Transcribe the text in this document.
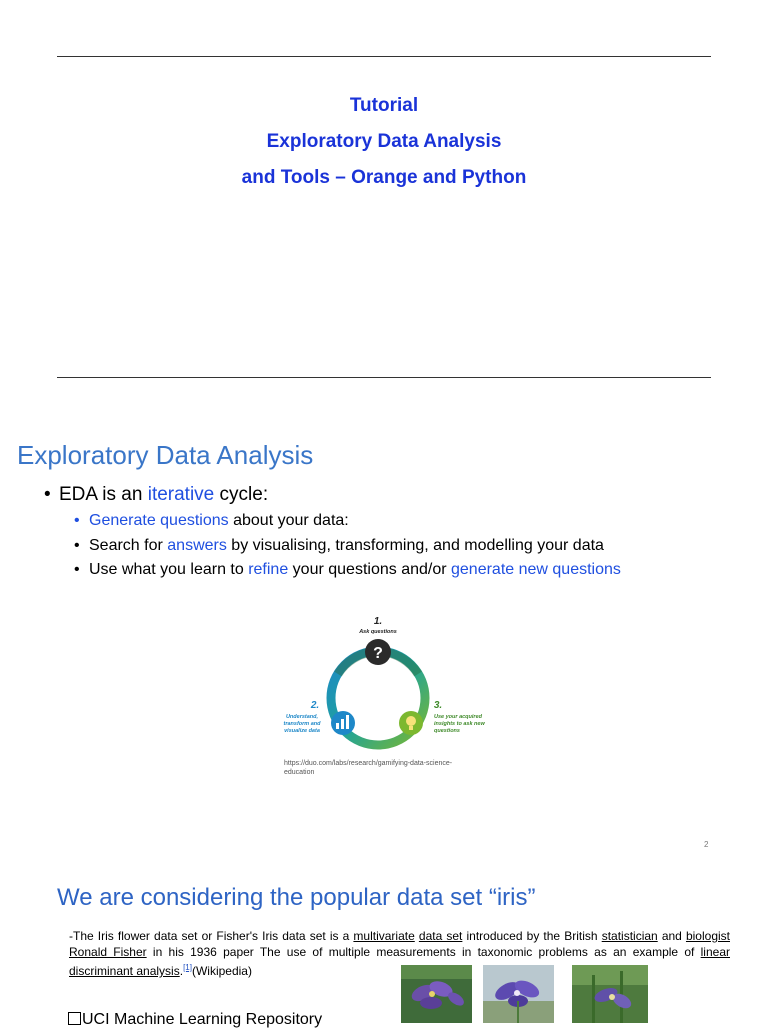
Tutorial
Exploratory Data Analysis
and Tools – Orange and Python
Exploratory Data Analysis
• EDA is an iterative cycle:
• Generate questions about your data:
• Search for answers by visualising, transforming, and modelling your data
• Use what you learn to refine your questions and/or generate new questions
1.
Ask questions
?
2.
Understand,
transform and
visualize data
3.
Use your acquired
insights to ask new
questions
https://duo.com/labs/research/gamifying-data-science-education
2
We are considering the popular data set “iris”
-The Iris flower data set or Fisher's Iris data set is a multivariate data set introduced by the British statistician and biologist Ronald Fisher in his 1936 paper The use of multiple measurements in taxonomic problems as an example of linear discriminant analysis.[1](Wikipedia)
UCI Machine Learning Repository
